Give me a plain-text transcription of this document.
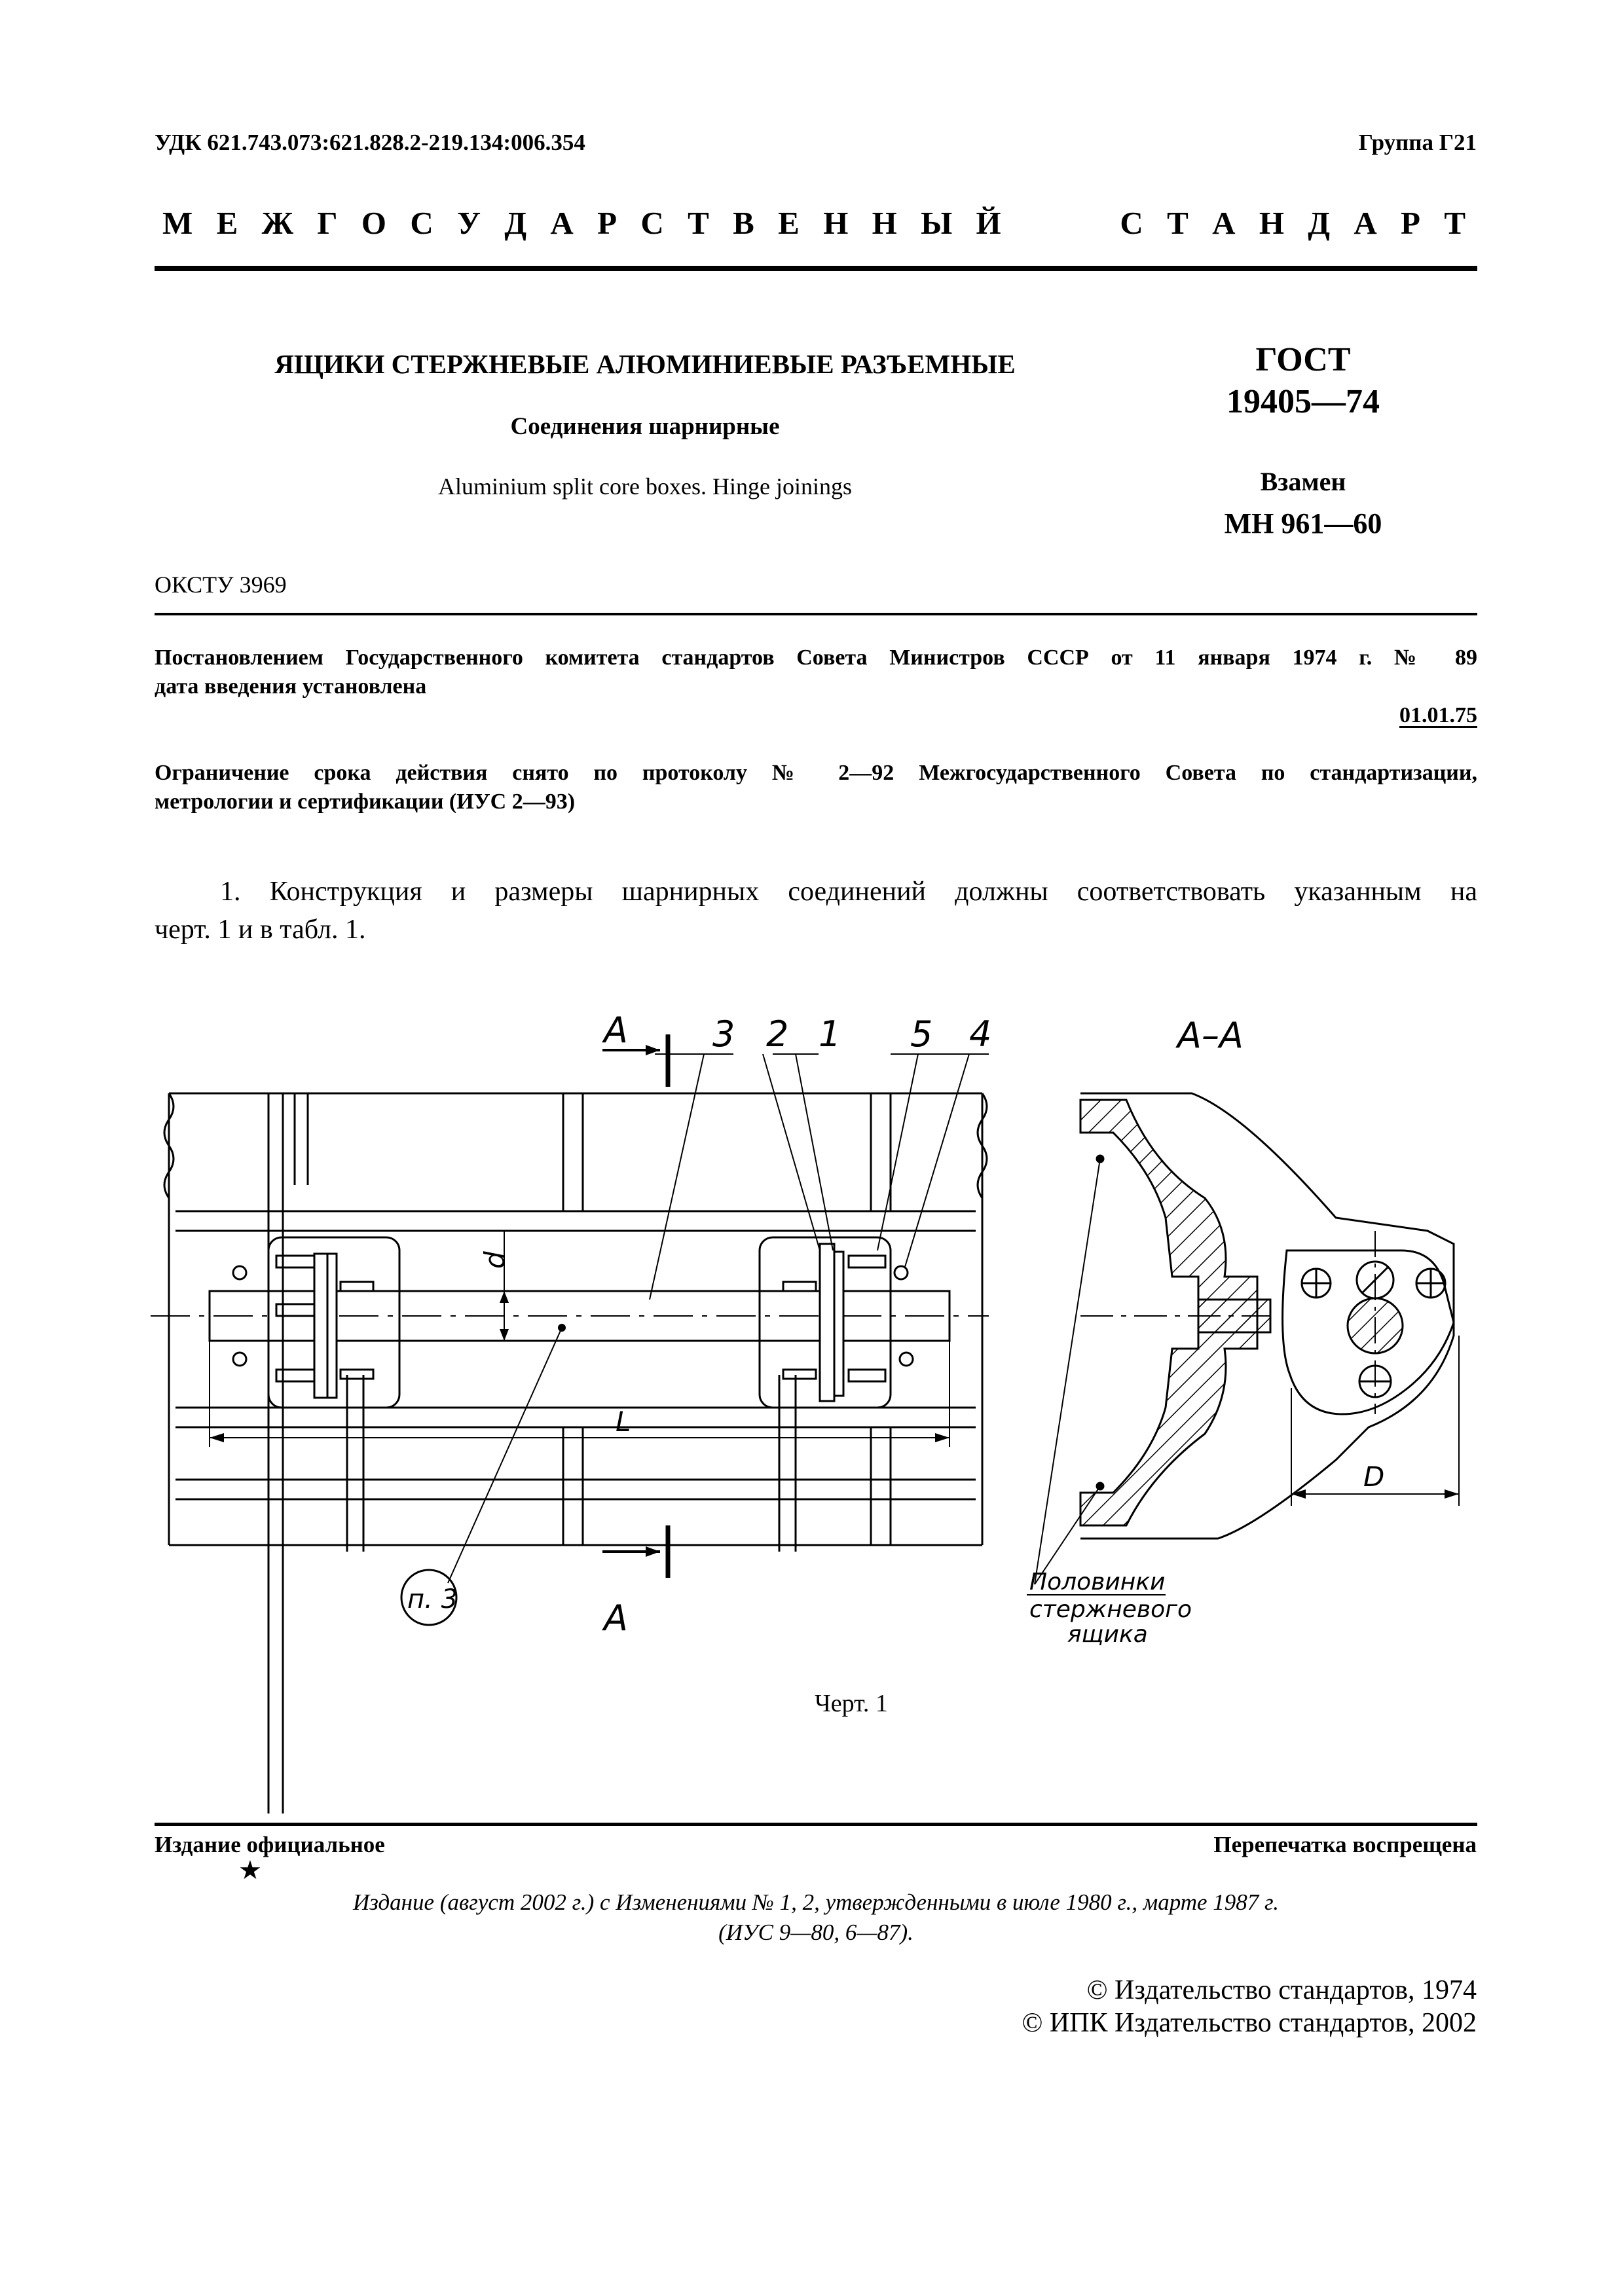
УДК 621.743.073:621.828.2-219.134:006.354	Группа Г21
М Е Ж Г О С У Д А Р С Т В Е Н Н Ы Й     С Т А Н Д А Р Т
ЯЩИКИ СТЕРЖНЕВЫЕ АЛЮМИНИЕВЫЕ РАЗЪЕМНЫЕ
Соединения шарнирные
Aluminium split core boxes. Hinge joinings
ГОСТ
19405—74
Взамен
МН 961—60
ОКСТУ 3969
Постановлением Государственного комитета стандартов Совета Министров СССР от 11 января 1974 г. № 89
дата введения установлена
01.01.75
Ограничение срока действия снято по протоколу № 2—92 Межгосударственного Совета по стандартизации,
метрологии и сертификации (ИУС 2—93)
1. Конструкция и размеры шарнирных соединений должны соответствовать указанным на
черт. 1 и в табл. 1.
А
А
3 2 1 5 4
d
L
п. 3
А–А
D
Половинки
стержневого
ящика
Черт. 1
Издание официальное	Перепечатка воспрещена
★
Издание (август 2002 г.) с Изменениями № 1, 2, утвержденными в июле 1980 г., марте 1987 г.
(ИУС 9—80, 6—87).
© Издательство стандартов, 1974
© ИПК Издательство стандартов, 2002
